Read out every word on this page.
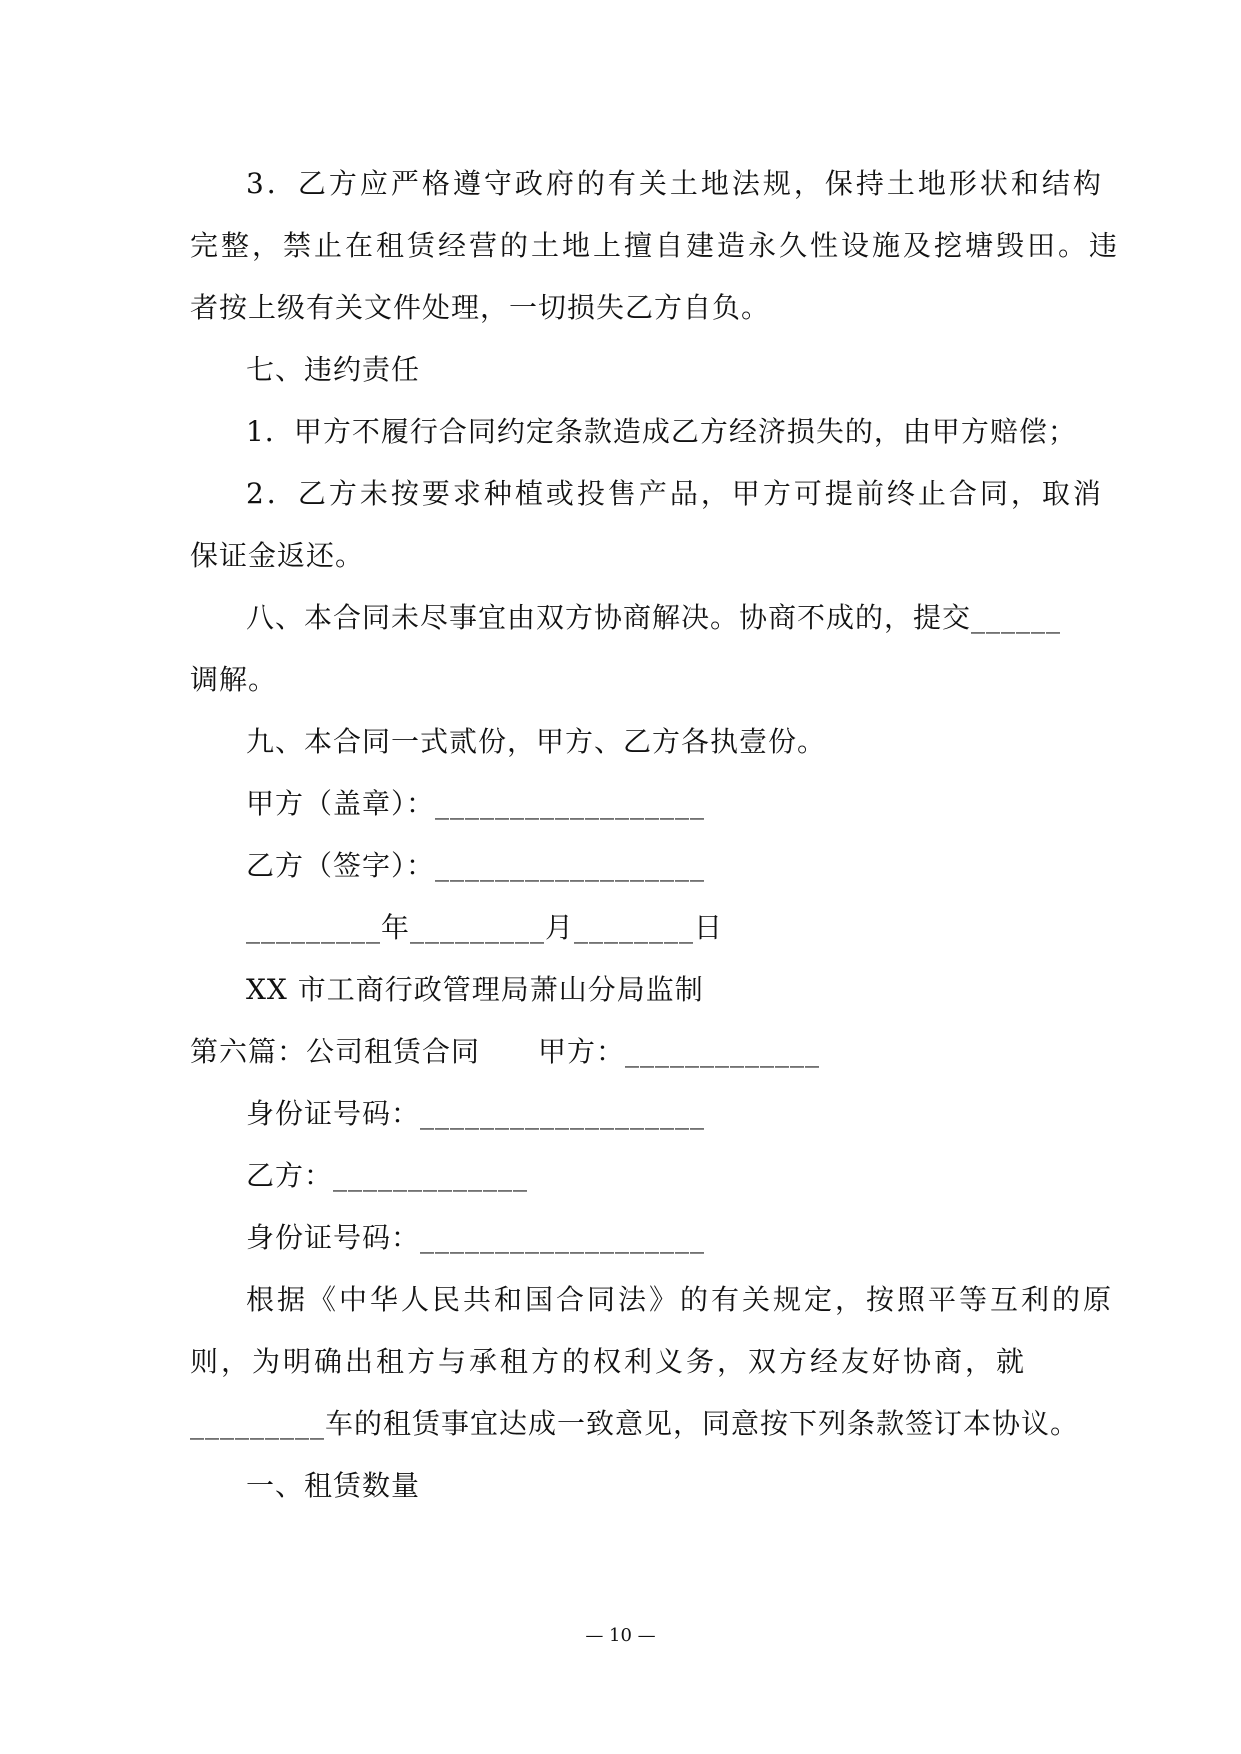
3．乙方应严格遵守政府的有关土地法规，保持土地形状和结构
完整，禁止在租赁经营的土地上擅自建造永久性设施及挖塘毁田。违
者按上级有关文件处理，一切损失乙方自负。
七、违约责任
1．甲方不履行合同约定条款造成乙方经济损失的，由甲方赔偿；
2．乙方未按要求种植或投售产品，甲方可提前终止合同，取消
保证金返还。
八、本合同未尽事宜由双方协商解决。协商不成的，提交______
调解。
九、本合同一式贰份，甲方、乙方各执壹份。
甲方（盖章）：__________________
乙方（签字）：__________________
_________年_________月________日
XX 市工商行政管理局萧山分局监制
第六篇：公司租赁合同　　甲方：_____________
身份证号码：___________________
乙方：_____________
身份证号码：___________________
根据《中华人民共和国合同法》的有关规定，按照平等互利的原
则，为明确出租方与承租方的权利义务，双方经友好协商，就
_________车的租赁事宜达成一致意见，同意按下列条款签订本协议。
一、租赁数量
— 10 —
